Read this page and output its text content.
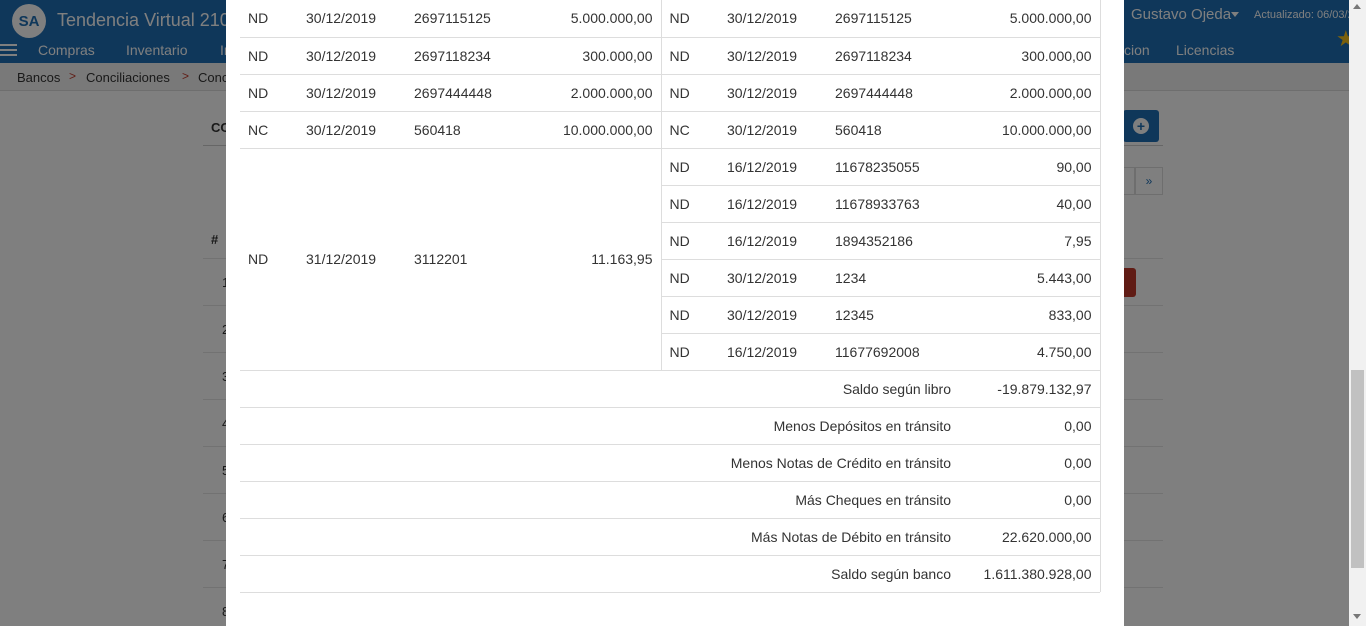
ND	30/12/2019	2697115125	5.000.000,00	ND	30/12/2019	2697115125	5.000.000,00
ND	30/12/2019	2697118234	300.000,00	ND	30/12/2019	2697118234	300.000,00
ND	30/12/2019	2697444448	2.000.000,00	ND	30/12/2019	2697444448	2.000.000,00
NC	30/12/2019	560418	10.000.000,00	NC	30/12/2019	560418	10.000.000,00
ND	31/12/2019	3112201	11.163,95	ND	16/12/2019	11678235055	90,00
				ND	16/12/2019	11678933763	40,00
				ND	16/12/2019	1894352186	7,95
				ND	30/12/2019	1234	5.443,00
				ND	30/12/2019	12345	833,00
				ND	16/12/2019	11677692008	4.750,00
Saldo según libro							-19.879.132,97
Menos Depósitos en tránsito							0,00
Menos Notas de Crédito en tránsito							0,00
Más Cheques en tránsito							0,00
Más Notas de Débito en tránsito							22.620.000,00
Saldo según banco							1.611.380.928,00
